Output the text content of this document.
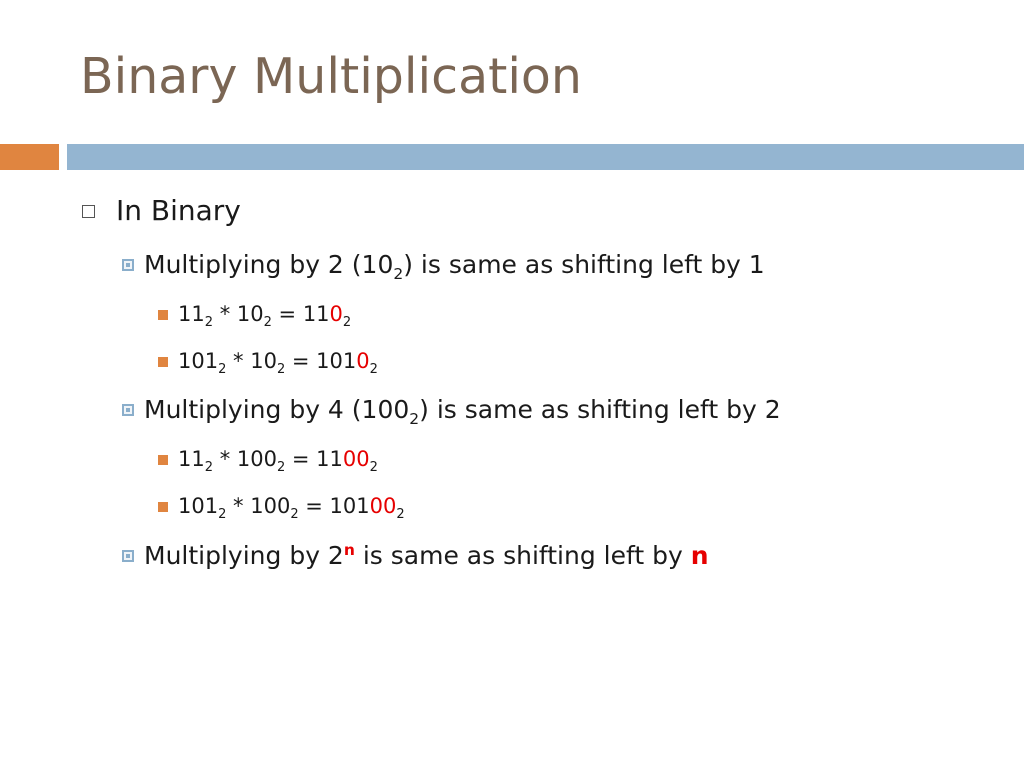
Binary Multiplication
In Binary
Multiplying by 2 $(10_2)$ is same as shifting left by 1
$11_2 * 10_2 = 110_2$
$101_2 * 10_2 = 1010_2$
Multiplying by 4 $(100_2)$ is same as shifting left by 2
$11_2 * 100_2 = 1100_2$
$101_2 * 100_2 = 10100_2$
Multiplying by 2$^n$ is same as shifting left by n
